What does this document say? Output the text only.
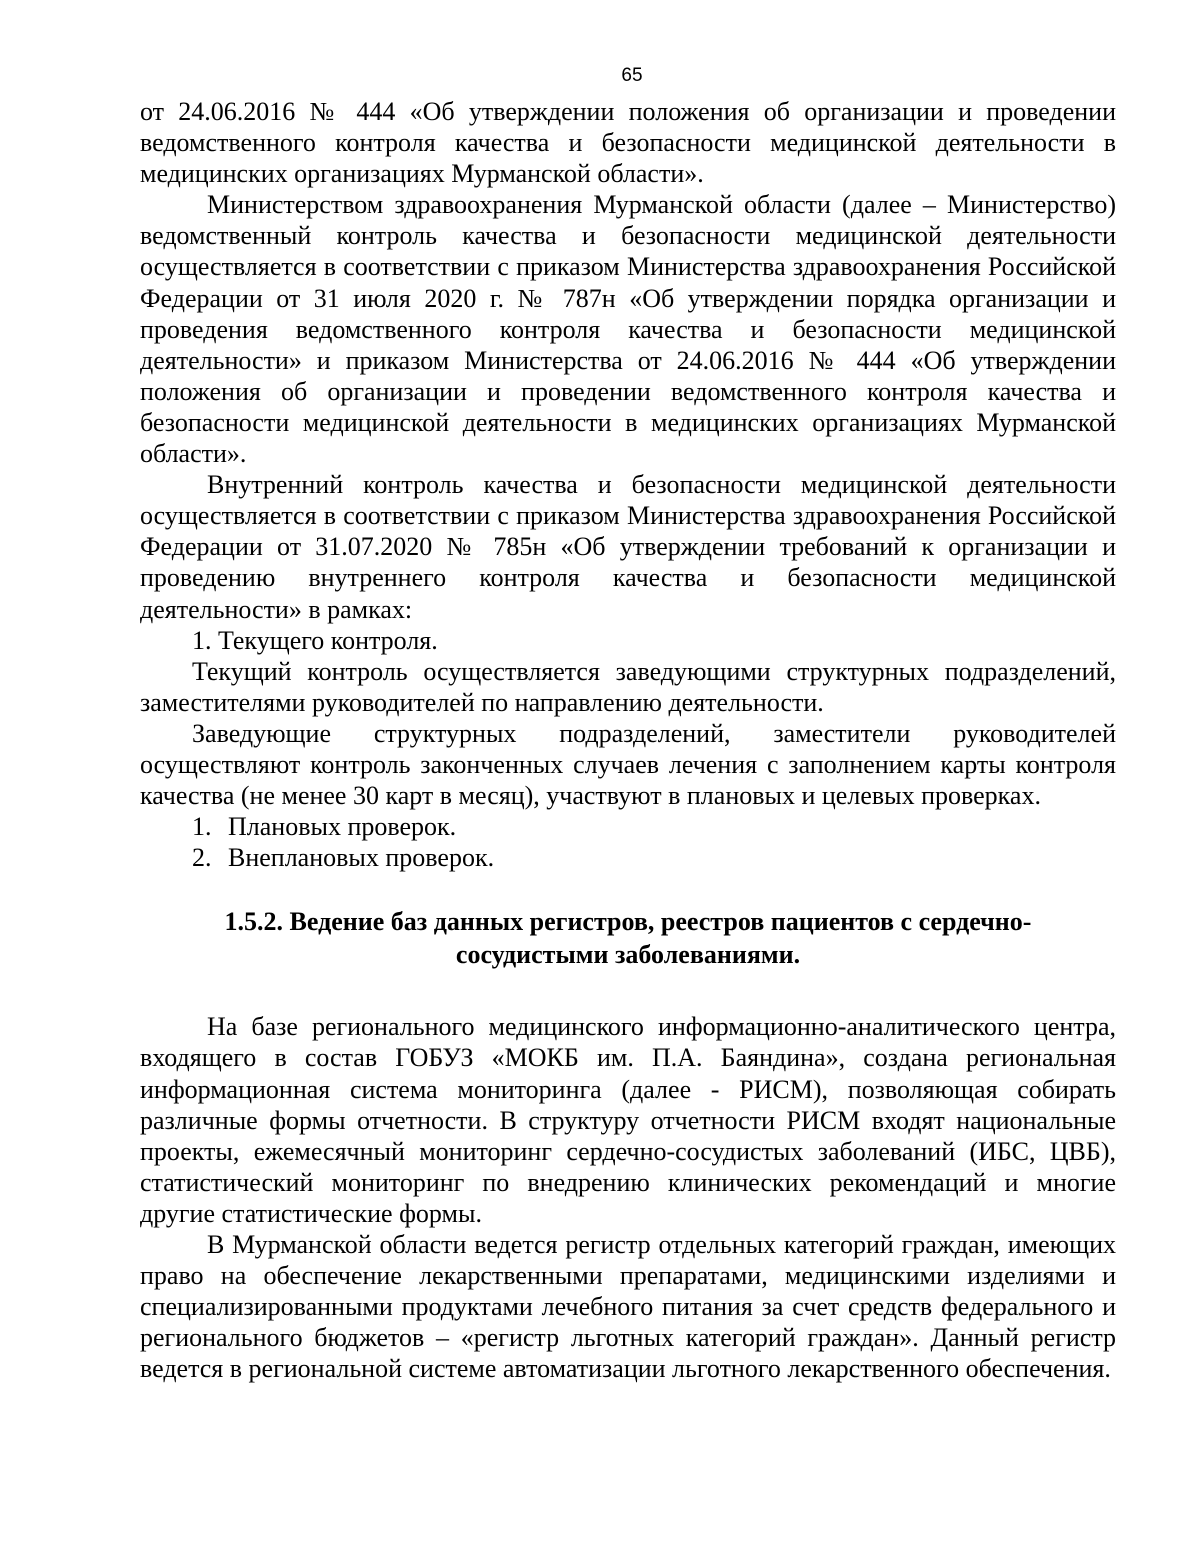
65

от 24.06.2016 № 444 «Об утверждении положения об организации и проведении ведомственного контроля качества и безопасности медицинской деятельности в медицинских организациях Мурманской области».

Министерством здравоохранения Мурманской области (далее – Министерство) ведомственный контроль качества и безопасности медицинской деятельности осуществляется в соответствии с приказом Министерства здравоохранения Российской Федерации от 31 июля 2020 г. № 787н «Об утверждении порядка организации и проведения ведомственного контроля качества и безопасности медицинской деятельности» и приказом Министерства от 24.06.2016 № 444 «Об утверждении положения об организации и проведении ведомственного контроля качества и безопасности медицинской деятельности в медицинских организациях Мурманской области».

Внутренний контроль качества и безопасности медицинской деятельности осуществляется в соответствии с приказом Министерства здравоохранения Российской Федерации от 31.07.2020 № 785н «Об утверждении требований к организации и проведению внутреннего контроля качества и безопасности медицинской деятельности» в рамках:

1. Текущего контроля.

Текущий контроль осуществляется заведующими структурных подразделений, заместителями руководителей по направлению деятельности.

Заведующие структурных подразделений, заместители руководителей осуществляют контроль законченных случаев лечения с заполнением карты контроля качества (не менее 30 карт в месяц), участвуют в плановых и целевых проверках.

1. Плановых проверок.

2. Внеплановых проверок.

1.5.2. Ведение баз данных регистров, реестров пациентов с сердечно-сосудистыми заболеваниями.

На базе регионального медицинского информационно-аналитического центра, входящего в состав ГОБУЗ «МОКБ им. П.А. Баяндина», создана региональная информационная система мониторинга (далее - РИСМ), позволяющая собирать различные формы отчетности. В структуру отчетности РИСМ входят национальные проекты, ежемесячный мониторинг сердечно-сосудистых заболеваний (ИБС, ЦВБ), статистический мониторинг по внедрению клинических рекомендаций и многие другие статистические формы.

В Мурманской области ведется регистр отдельных категорий граждан, имеющих право на обеспечение лекарственными препаратами, медицинскими изделиями и специализированными продуктами лечебного питания за счет средств федерального и регионального бюджетов – «регистр льготных категорий граждан». Данный регистр ведется в региональной системе автоматизации льготного лекарственного обеспечения.
